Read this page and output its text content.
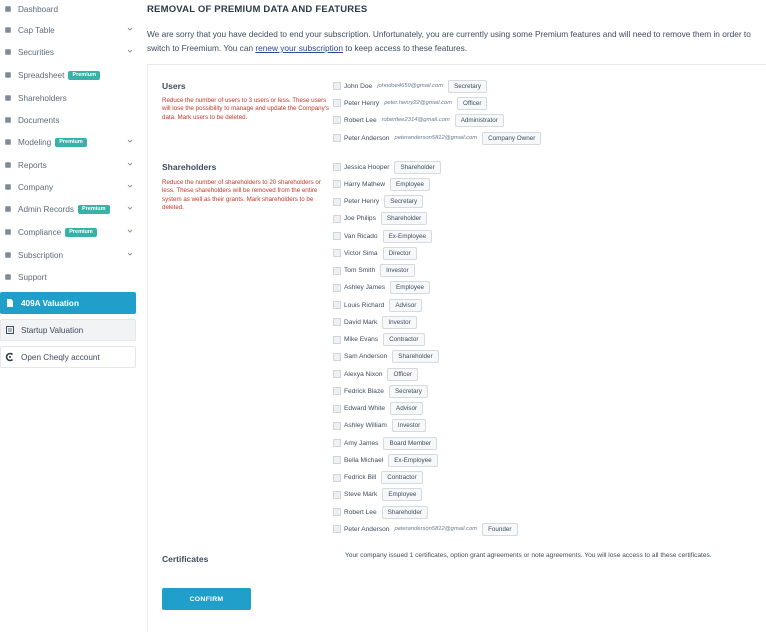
Dashboard
Cap Table
Securities
Spreadsheet	Premium
Shareholders
Documents
Modeling	Premium
Reports
Company
Admin Records	Premium
Compliance	Premium
Subscription
Support
409A Valuation
Startup Valuation
Open Cheqly account
REMOVAL OF PREMIUM DATA AND FEATURES

We are sorry that you have decided to end your subscription. Unfortunately, you are currently using some Premium features and will need to remove them in order to switch to Freemium. You can renew your subscription to keep access to these features.

Users
Reduce the number of users to 3 users or less. These users will lose the possibility to manage and update the Company's data. Mark users to be deleted.
John Doe johndoe4659@gmail.com	Secretary
Peter Henry peter.henry22@gmail.com	Officer
Robert Lee robertlee2314@gmail.com	Administrator
Peter Anderson peteranderson5812@gmail.com	Company Owner
Shareholders
Reduce the number of shareholders to 20 shareholders or less. These shareholders will be removed from the entire system as well as their grants. Mark shareholders to be deleted.
Jessica Hooper	Shareholder
Harry Mathew	Employee
Peter Henry	Secretary
Joe Philips	Shareholder
Van Ricado	Ex-Employee
Victor Sima	Director
Tom Smith	Investor
Ashley James	Employee
Louis Richard	Advisor
David Mark	Investor
Mike Evans	Contractor
Sam Anderson	Shareholder
Alexya Nixon	Officer
Fedrick Blaze	Secretary
Edward White	Advisor
Ashley William	Investor
Amy James	Board Member
Bella Michael	Ex-Employee
Fedrick Bill	Contractor
Steve Mark	Employee
Robert Lee	Shareholder
Peter Anderson peteranderson5812@gmail.com	Founder
Certificates	Your company issued 1 certificates, option grant agreements or note agreements. You will lose access to all these certificates.
CONFIRM
